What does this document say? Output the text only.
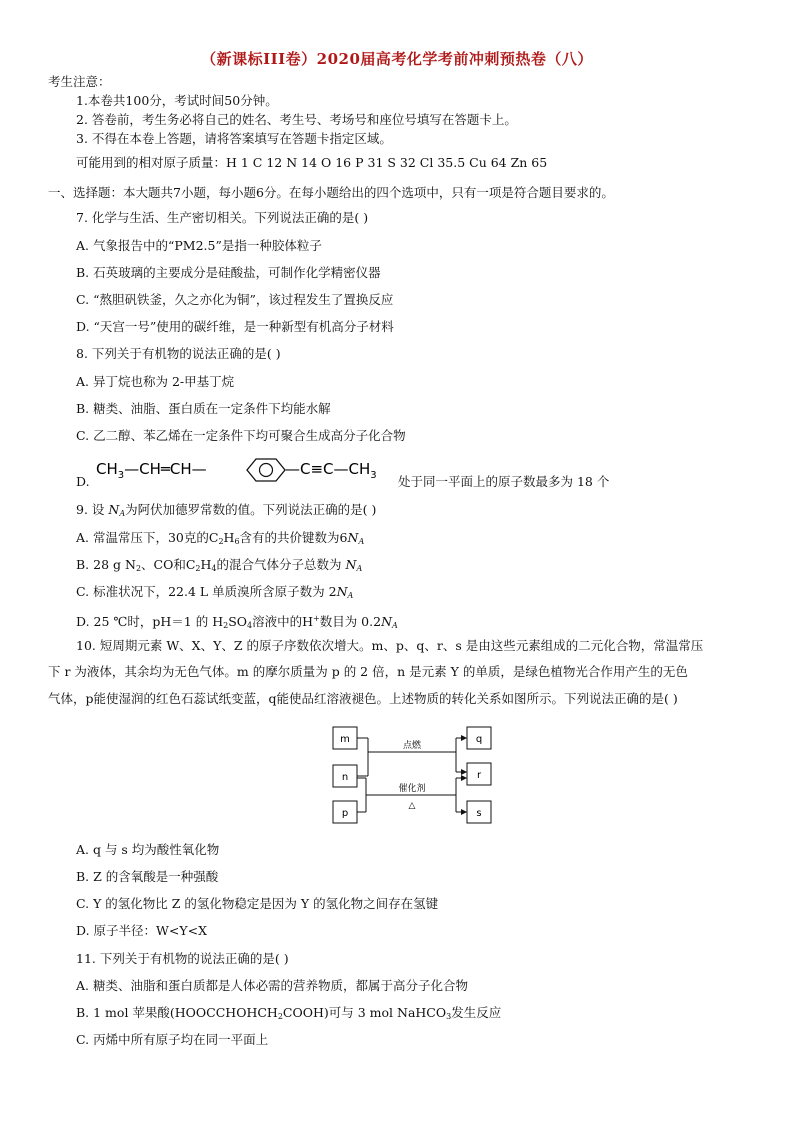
（新课标III卷）2020届高考化学考前冲刺预热卷（八）
考生注意：
1.本卷共100分，考试时间50分钟。
2. 答卷前，考生务必将自己的姓名、考生号、考场号和座位号填写在答题卡上。
3. 不得在本卷上答题，请将答案填写在答题卡指定区域。
可能用到的相对原子质量：H 1 C 12 N 14 O 16 P 31 S 32 Cl 35.5 Cu 64 Zn 65
一、选择题：本大题共7小题，每小题6分。在每小题给出的四个选项中，只有一项是符合题目要求的。
7. 化学与生活、生产密切相关。下列说法正确的是( )
A. 气象报告中的“PM2.5”是指一种胶体粒子
B. 石英玻璃的主要成分是硅酸盐，可制作化学精密仪器
C. “熬胆矾铁釜，久之亦化为铜”，该过程发生了置换反应
D. “天宫一号”使用的碳纤维，是一种新型有机高分子材料
8. 下列关于有机物的说法正确的是( )
A. 异丁烷也称为 2-甲基丁烷
B. 糖类、油脂、蛋白质在一定条件下均能水解
C. 乙二醇、苯乙烯在一定条件下均可聚合生成高分子化合物
D.
$CH_3—CH═CH—$	$—C\equiv C—CH_3$ 处于同一平面上的原子数最多为 18 个
9. 设 $N_A$为阿伏加德罗常数的值。下列说法正确的是( )
A. 常温常压下，30克的$C_2H_6$含有的共价键数为$6N_A$
B. 28 g $N_2$、CO和$C_2H_4$的混合气体分子总数为 $N_A$
C. 标准状况下，22.4 L 单质溴所含原子数为 $2N_A$
D. 25 ℃时，pH＝1 的 $H_2SO_4$溶液中的H+数目为 $0.2N_A$
10. 短周期元素 W、X、Y、Z 的原子序数依次增大。m、p、q、r、s 是由这些元素组成的二元化合物，常温常压
下 r 为液体，其余均为无色气体。m 的摩尔质量为 p 的 2 倍，n 是元素 Y 的单质，是绿色植物光合作用产生的无色
气体，p能使湿润的红色石蕊试纸变蓝，q能使品红溶液褪色。上述物质的转化关系如图所示。下列说法正确的是( )
m
n
p
q
r
s
点燃
催化剂
△
A. q 与 s 均为酸性氧化物
B. Z 的含氧酸是一种强酸
C. Y 的氢化物比 Z 的氢化物稳定是因为 Y 的氢化物之间存在氢键
D. 原子半径：W<Y<X
11. 下列关于有机物的说法正确的是( )
A. 糖类、油脂和蛋白质都是人体必需的营养物质，都属于高分子化合物
B. 1 mol 苹果酸$(HOOCCHOHCH_2COOH)$可与 3 mol NaHCO$_3$发生反应
C. 丙烯中所有原子均在同一平面上
